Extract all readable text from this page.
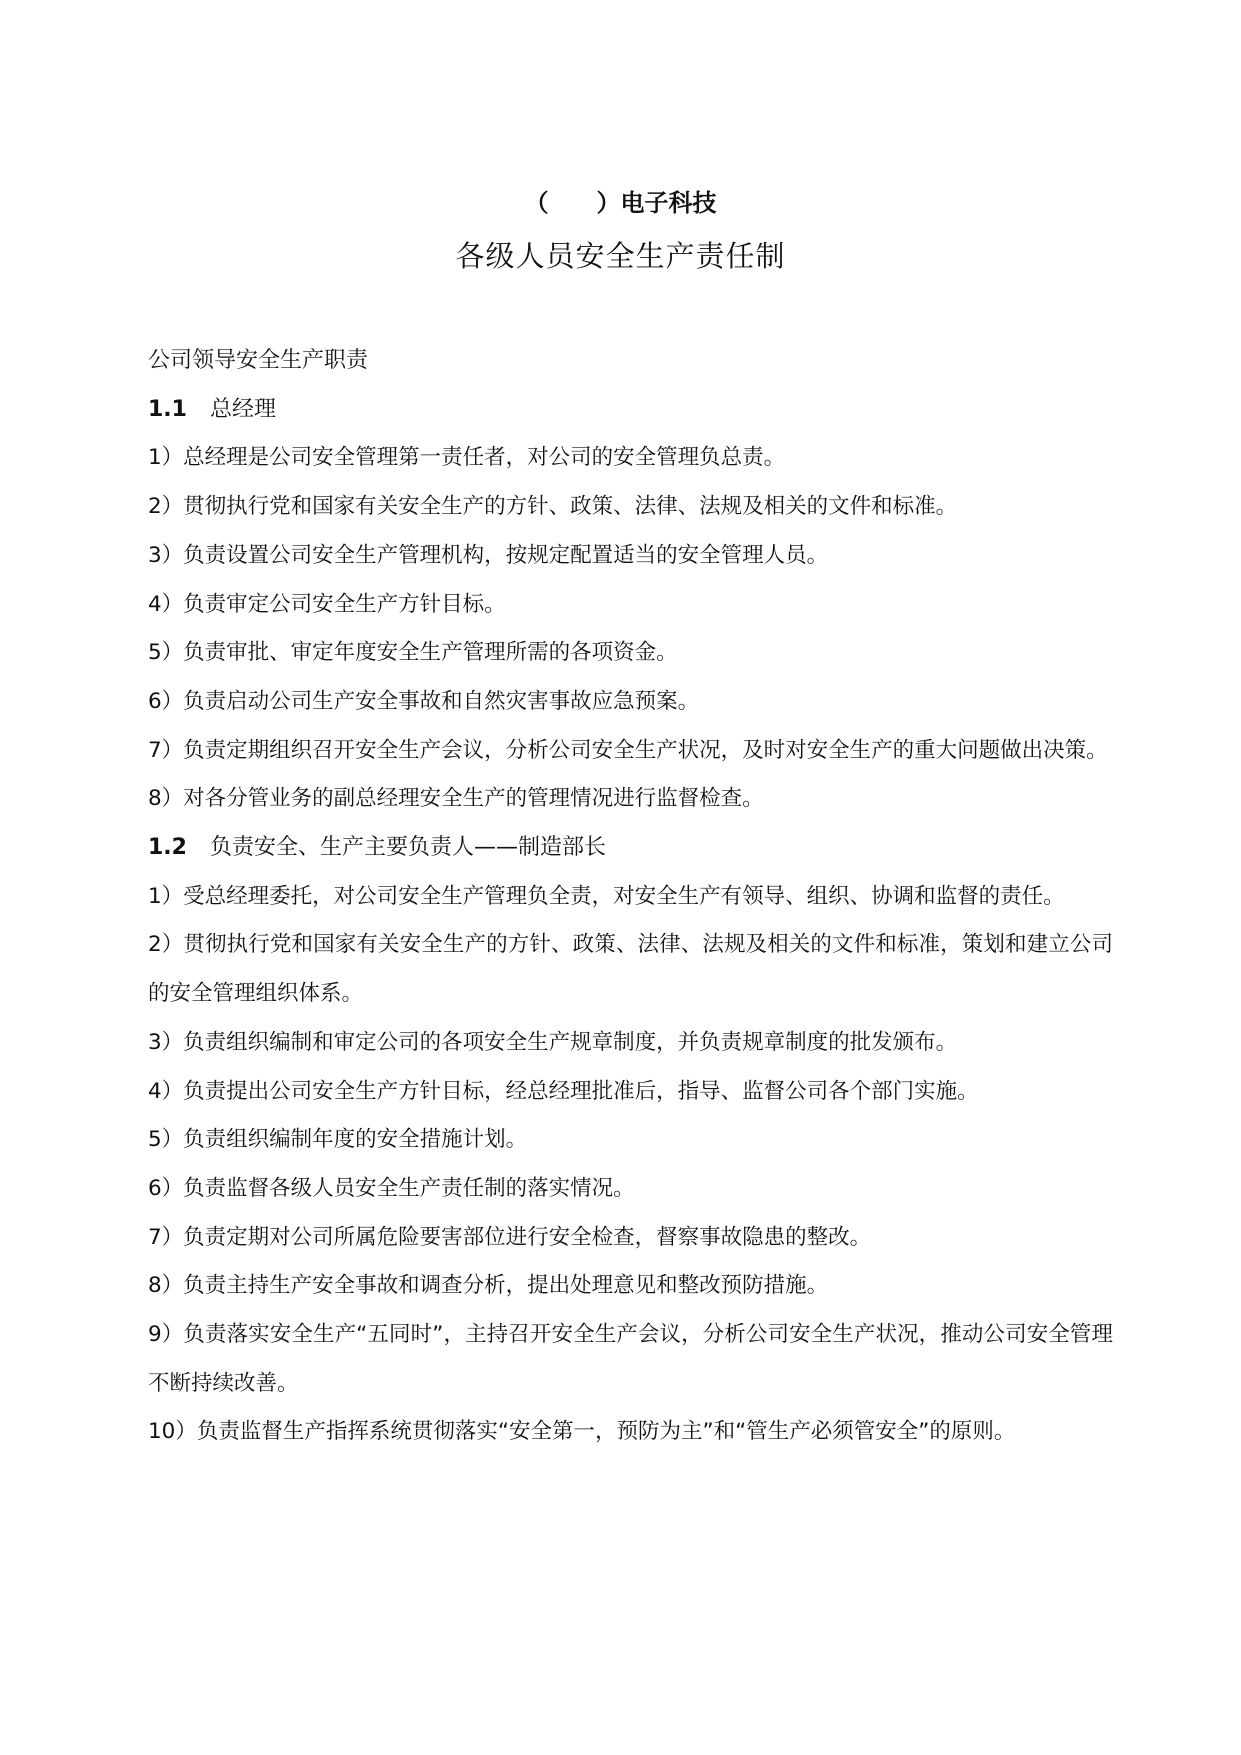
（　　）电子科技
各级人员安全生产责任制

公司领导安全生产职责

1.1 总经理

1）总经理是公司安全管理第一责任者，对公司的安全管理负总责。

2）贯彻执行党和国家有关安全生产的方针、政策、法律、法规及相关的文件和标准。

3）负责设置公司安全生产管理机构，按规定配置适当的安全管理人员。

4）负责审定公司安全生产方针目标。

5）负责审批、审定年度安全生产管理所需的各项资金。

6）负责启动公司生产安全事故和自然灾害事故应急预案。

7）负责定期组织召开安全生产会议，分析公司安全生产状况，及时对安全生产的重大问题做出决策。

8）对各分管业务的副总经理安全生产的管理情况进行监督检查。

1.2 负责安全、生产主要负责人——制造部长

1）受总经理委托，对公司安全生产管理负全责，对安全生产有领导、组织、协调和监督的责任。

2）贯彻执行党和国家有关安全生产的方针、政策、法律、法规及相关的文件和标准，策划和建立公司的安全管理组织体系。

3）负责组织编制和审定公司的各项安全生产规章制度，并负责规章制度的批发颁布。

4）负责提出公司安全生产方针目标，经总经理批准后，指导、监督公司各个部门实施。

5）负责组织编制年度的安全措施计划。

6）负责监督各级人员安全生产责任制的落实情况。

7）负责定期对公司所属危险要害部位进行安全检查，督察事故隐患的整改。

8）负责主持生产安全事故和调查分析，提出处理意见和整改预防措施。

9）负责落实安全生产“五同时”，主持召开安全生产会议，分析公司安全生产状况，推动公司安全管理不断持续改善。

10）负责监督生产指挥系统贯彻落实“安全第一，预防为主”和“管生产必须管安全”的原则。
